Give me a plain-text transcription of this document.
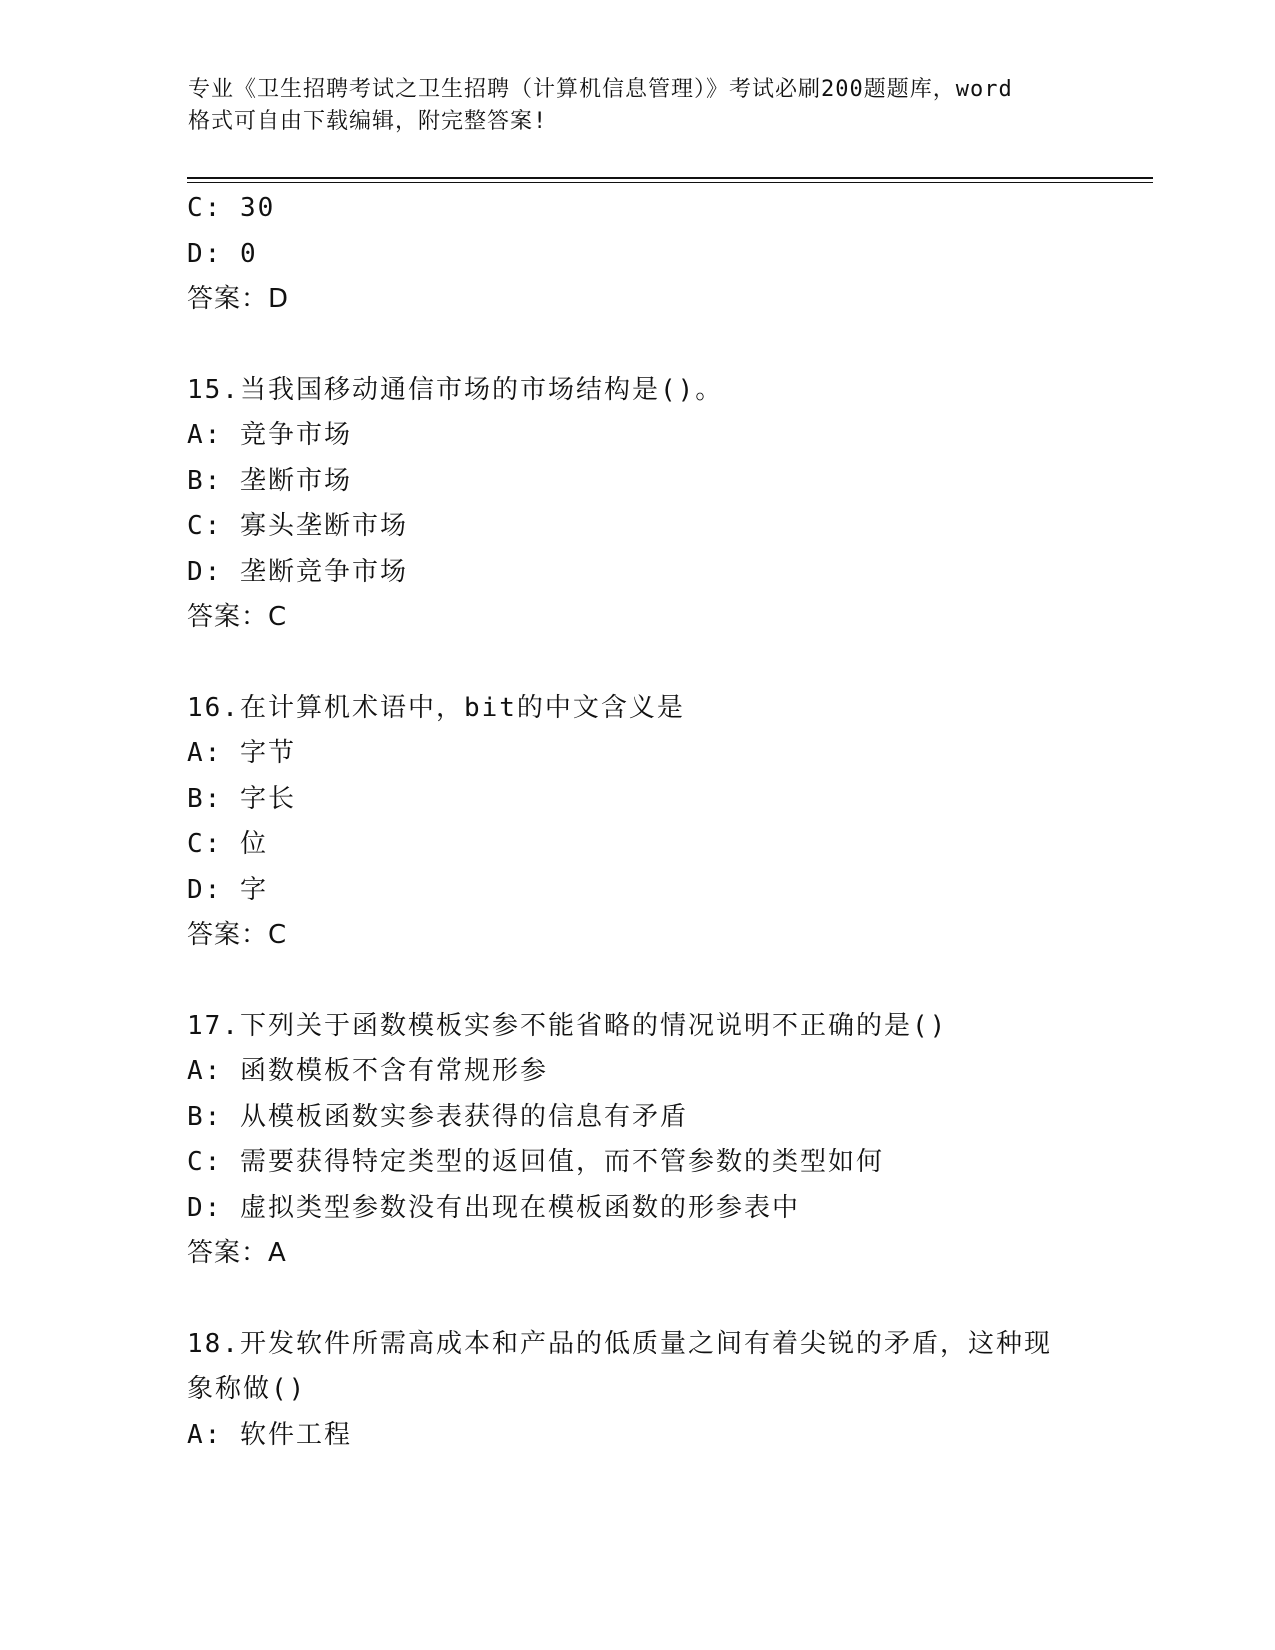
专业《卫生招聘考试之卫生招聘（计算机信息管理）》考试必刷200题题库，word
格式可自由下载编辑，附完整答案!
C: 30
D: 0
答案：D
15.当我国移动通信市场的市场结构是()。
A: 竞争市场
B: 垄断市场
C: 寡头垄断市场
D: 垄断竞争市场
答案：C
16.在计算机术语中，bit的中文含义是
A: 字节
B: 字长
C: 位
D: 字
答案：C
17.下列关于函数模板实参不能省略的情况说明不正确的是()
A: 函数模板不含有常规形参
B: 从模板函数实参表获得的信息有矛盾
C: 需要获得特定类型的返回值，而不管参数的类型如何
D: 虚拟类型参数没有出现在模板函数的形参表中
答案：A
18.开发软件所需高成本和产品的低质量之间有着尖锐的矛盾，这种现
象称做()
A: 软件工程
